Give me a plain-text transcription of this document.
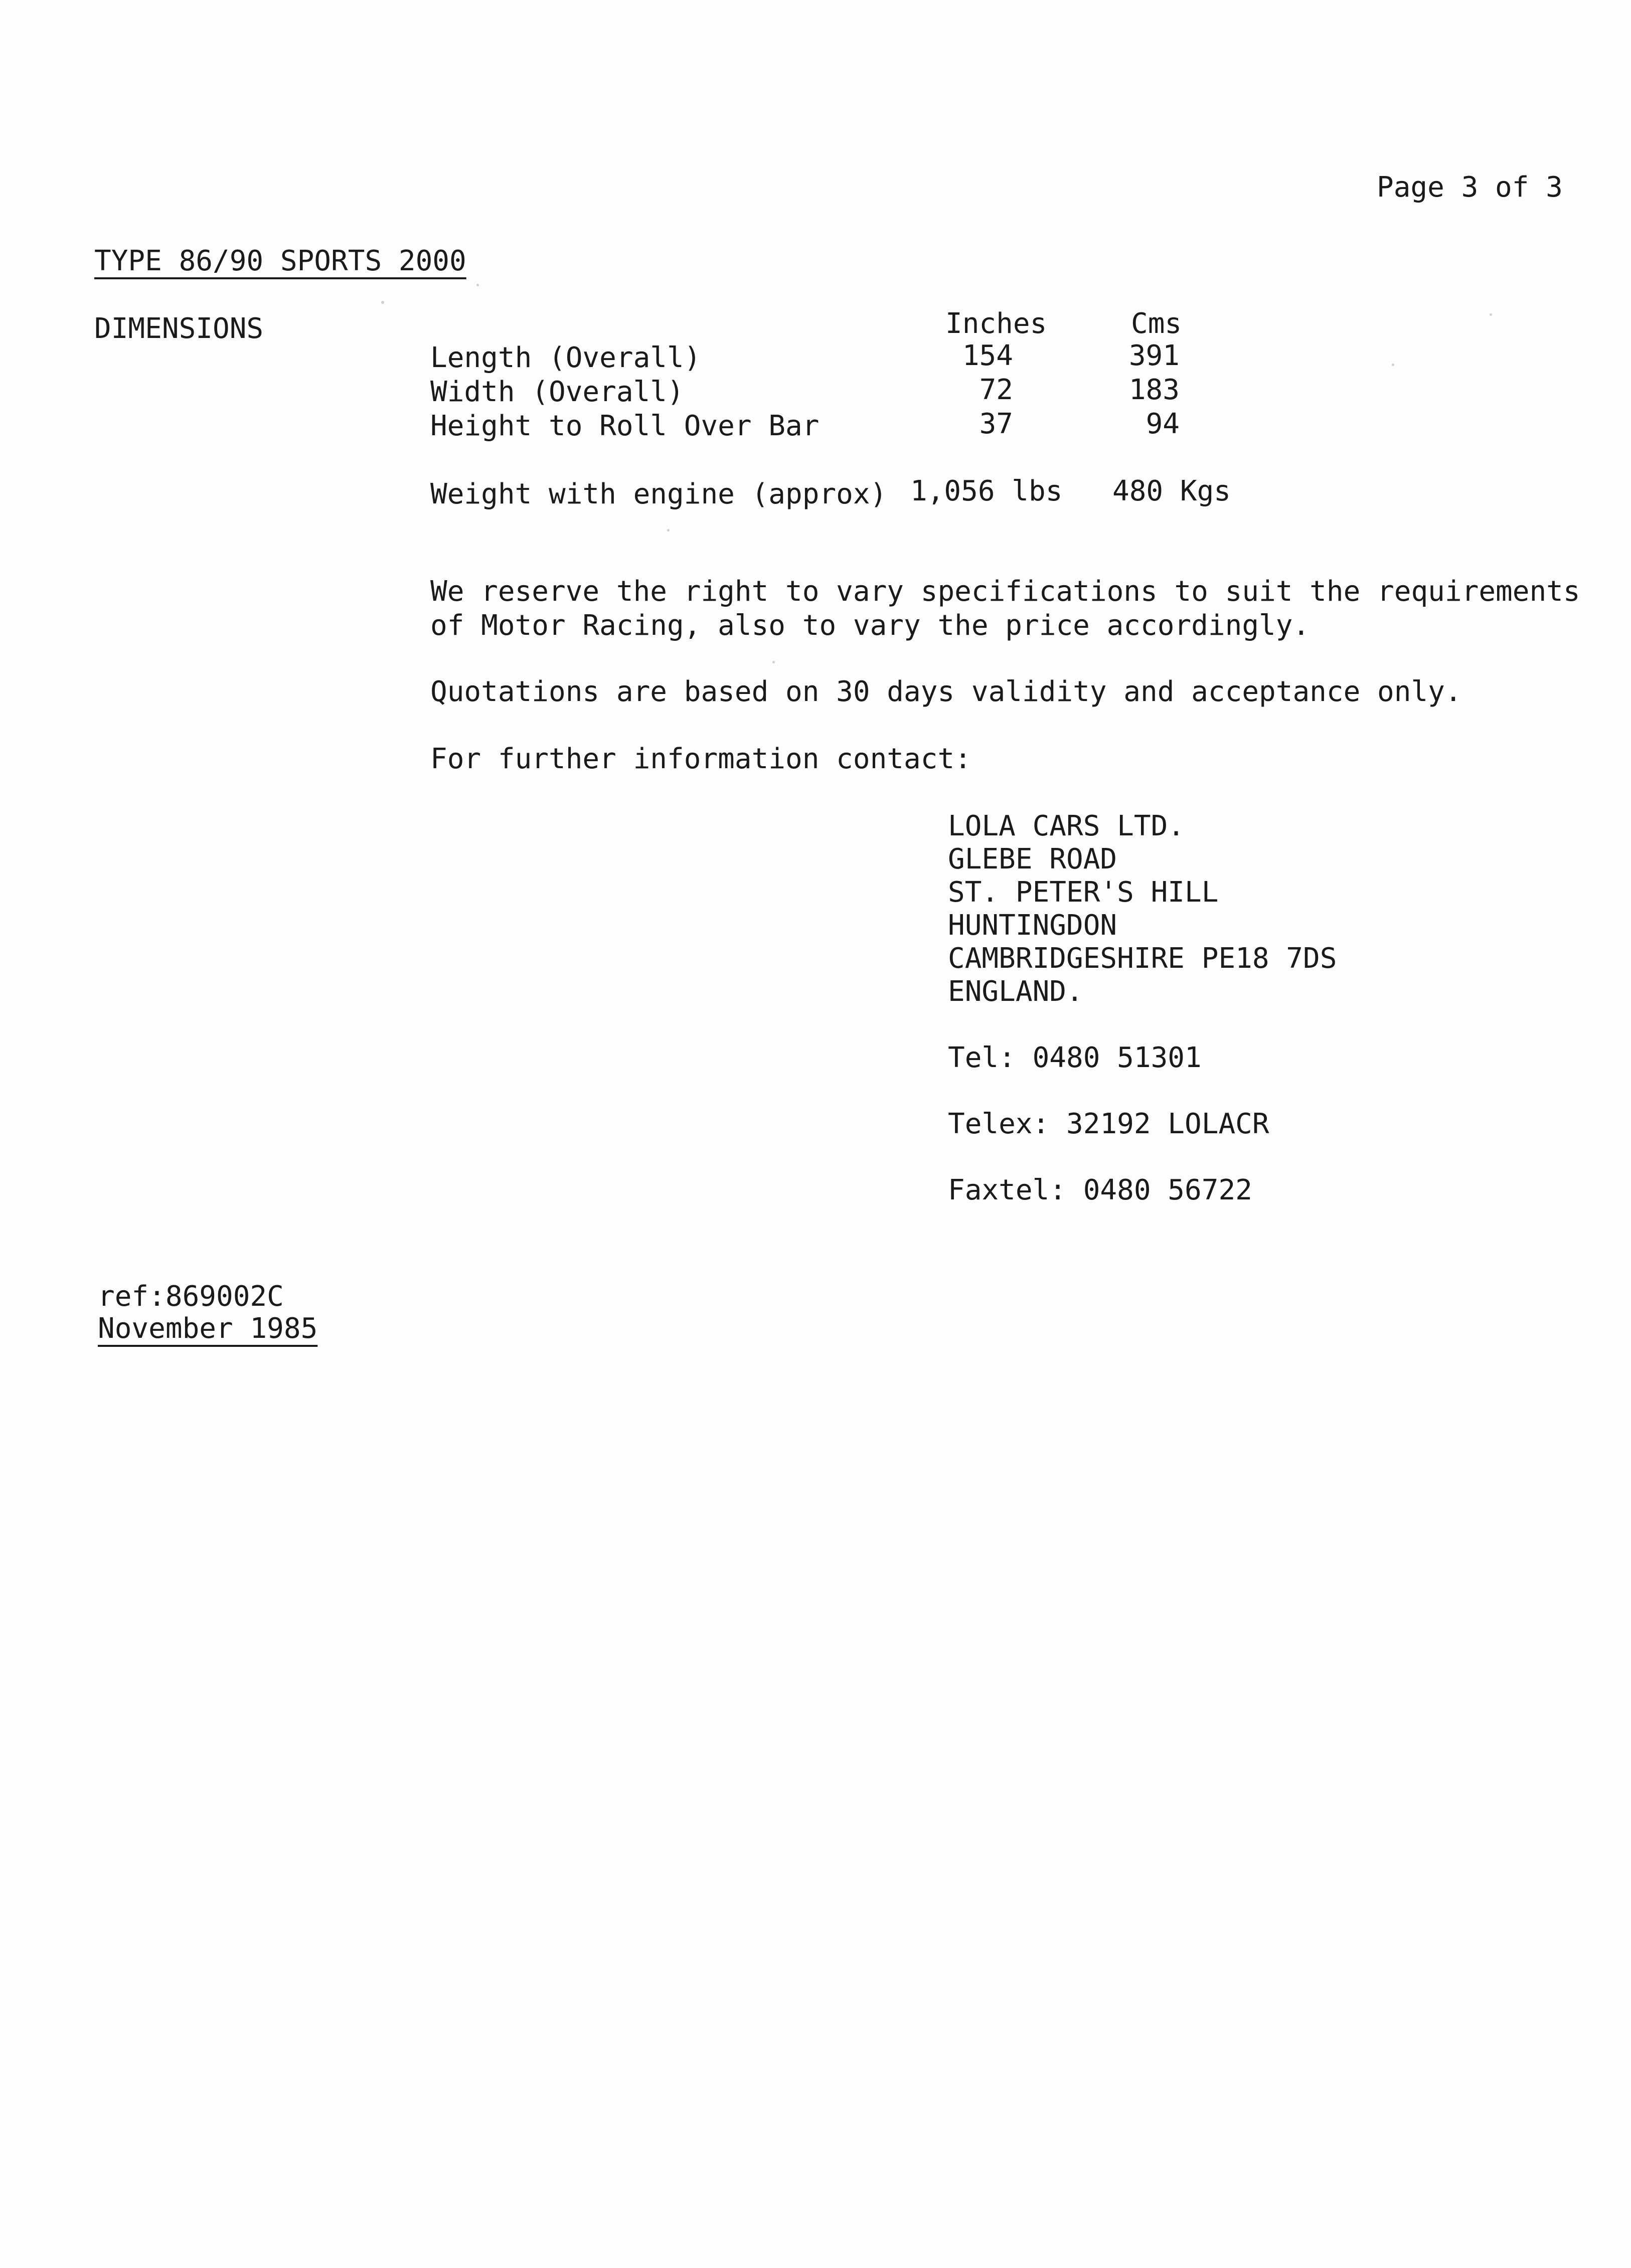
Page 3 of 3
TYPE 86/90 SPORTS 2000
DIMENSIONS	Inches	Cms
Length (Overall)	154	391
Width (Overall)	72	183
Height to Roll Over Bar	37	94
Weight with engine (approx) 1,056 lbs 480 Kgs
We reserve the right to vary specifications to suit the requirements
of Motor Racing, also to vary the price accordingly.
Quotations are based on 30 days validity and acceptance only.
For further information contact:
LOLA CARS LTD.
GLEBE ROAD
ST. PETER'S HILL
HUNTINGDON
CAMBRIDGESHIRE PE18 7DS
ENGLAND.
Tel: 0480 51301
Telex: 32192 LOLACR
Faxtel: 0480 56722
ref:869002C
November 1985
